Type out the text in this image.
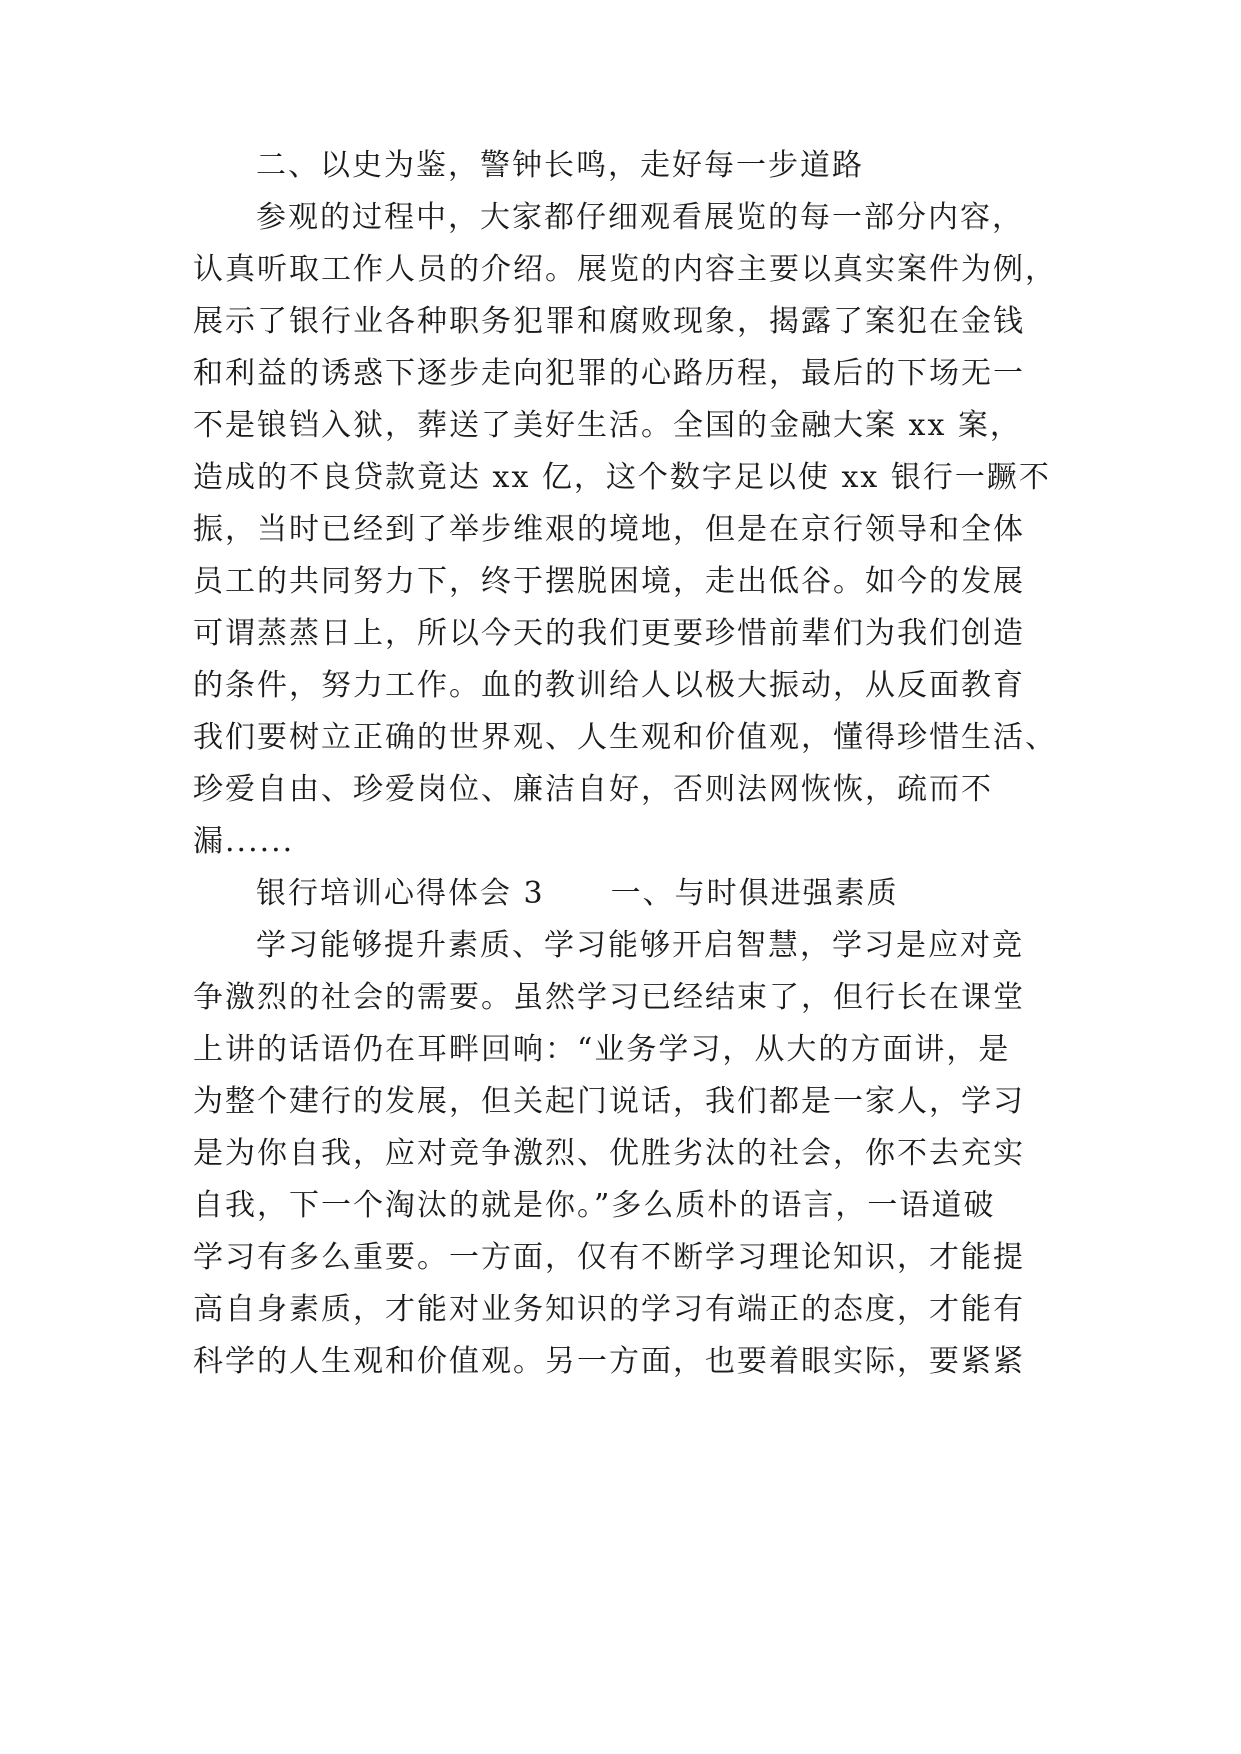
二、以史为鉴，警钟长鸣，走好每一步道路
参观的过程中，大家都仔细观看展览的每一部分内容，
认真听取工作人员的介绍。展览的内容主要以真实案件为例，
展示了银行业各种职务犯罪和腐败现象，揭露了案犯在金钱
和利益的诱惑下逐步走向犯罪的心路历程，最后的下场无一
不是锒铛入狱，葬送了美好生活。全国的金融大案 xx 案，
造成的不良贷款竟达 xx 亿，这个数字足以使 xx 银行一蹶不
振，当时已经到了举步维艰的境地，但是在京行领导和全体
员工的共同努力下，终于摆脱困境，走出低谷。如今的发展
可谓蒸蒸日上，所以今天的我们更要珍惜前辈们为我们创造
的条件，努力工作。血的教训给人以极大振动，从反面教育
我们要树立正确的世界观、人生观和价值观，懂得珍惜生活、
珍爱自由、珍爱岗位、廉洁自好，否则法网恢恢，疏而不
漏......
银行培训心得体会 3 一、与时俱进强素质
学习能够提升素质、学习能够开启智慧，学习是应对竞
争激烈的社会的需要。虽然学习已经结束了，但行长在课堂
上讲的话语仍在耳畔回响：“业务学习，从大的方面讲，是
为整个建行的发展，但关起门说话，我们都是一家人，学习
是为你自我，应对竞争激烈、优胜劣汰的社会，你不去充实
自我，下一个淘汰的就是你。”多么质朴的语言，一语道破
学习有多么重要。一方面，仅有不断学习理论知识，才能提
高自身素质，才能对业务知识的学习有端正的态度，才能有
科学的人生观和价值观。另一方面，也要着眼实际，要紧紧
